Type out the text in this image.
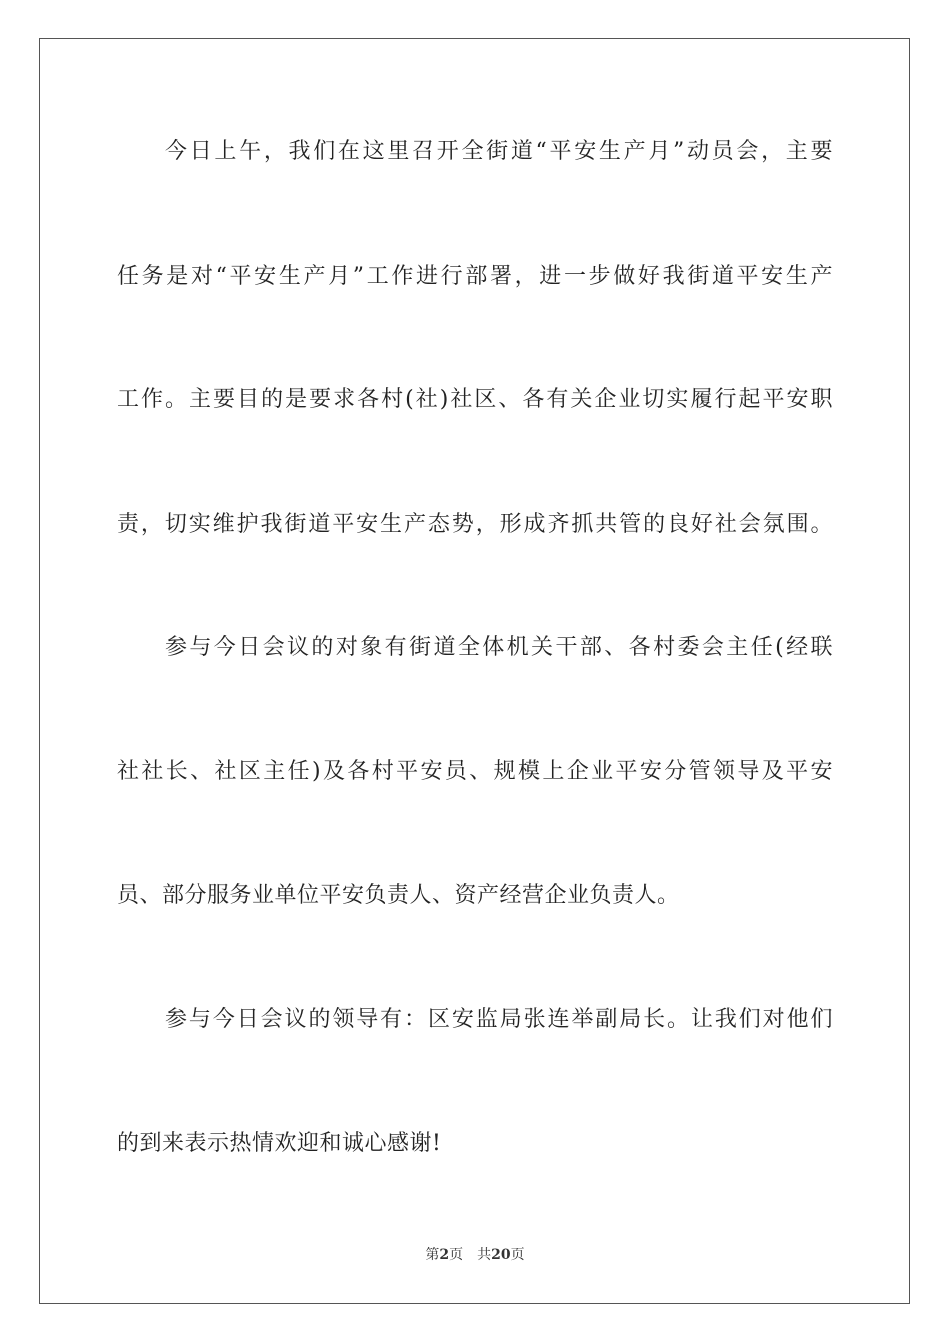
今日上午，我们在这里召开全街道“平安生产月”动员会，主要
任务是对“平安生产月”工作进行部署，进一步做好我街道平安生产
工作。主要目的是要求各村(社)社区、各有关企业切实履行起平安职
责，切实维护我街道平安生产态势，形成齐抓共管的良好社会氛围。
参与今日会议的对象有街道全体机关干部、各村委会主任(经联
社社长、社区主任)及各村平安员、规模上企业平安分管领导及平安
员、部分服务业单位平安负责人、资产经营企业负责人。
参与今日会议的领导有：区安监局张连举副局长。让我们对他们
的到来表示热情欢迎和诚心感谢!
第2页 共20页
